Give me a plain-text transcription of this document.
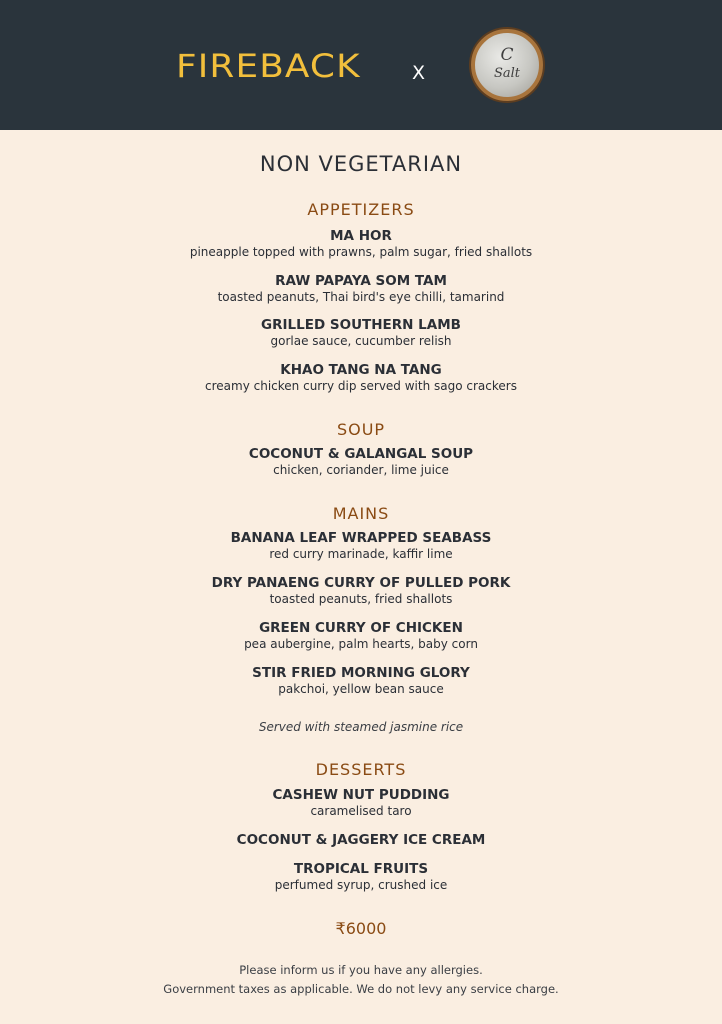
FIREBACK	X
C
Salt
NON VEGETARIAN
APPETIZERS
MA HOR
pineapple topped with prawns, palm sugar, fried shallots
RAW PAPAYA SOM TAM
toasted peanuts, Thai bird's eye chilli, tamarind
GRILLED SOUTHERN LAMB
gorlae sauce, cucumber relish
KHAO TANG NA TANG
creamy chicken curry dip served with sago crackers
SOUP
COCONUT & GALANGAL SOUP
chicken, coriander, lime juice
MAINS
BANANA LEAF WRAPPED SEABASS
red curry marinade, kaffir lime
DRY PANAENG CURRY OF PULLED PORK
toasted peanuts, fried shallots
GREEN CURRY OF CHICKEN
pea aubergine, palm hearts, baby corn
STIR FRIED MORNING GLORY
pakchoi, yellow bean sauce
Served with steamed jasmine rice
DESSERTS
CASHEW NUT PUDDING
caramelised taro
COCONUT & JAGGERY ICE CREAM
TROPICAL FRUITS
perfumed syrup, crushed ice
₹6000
Please inform us if you have any allergies.
Government taxes as applicable. We do not levy any service charge.
